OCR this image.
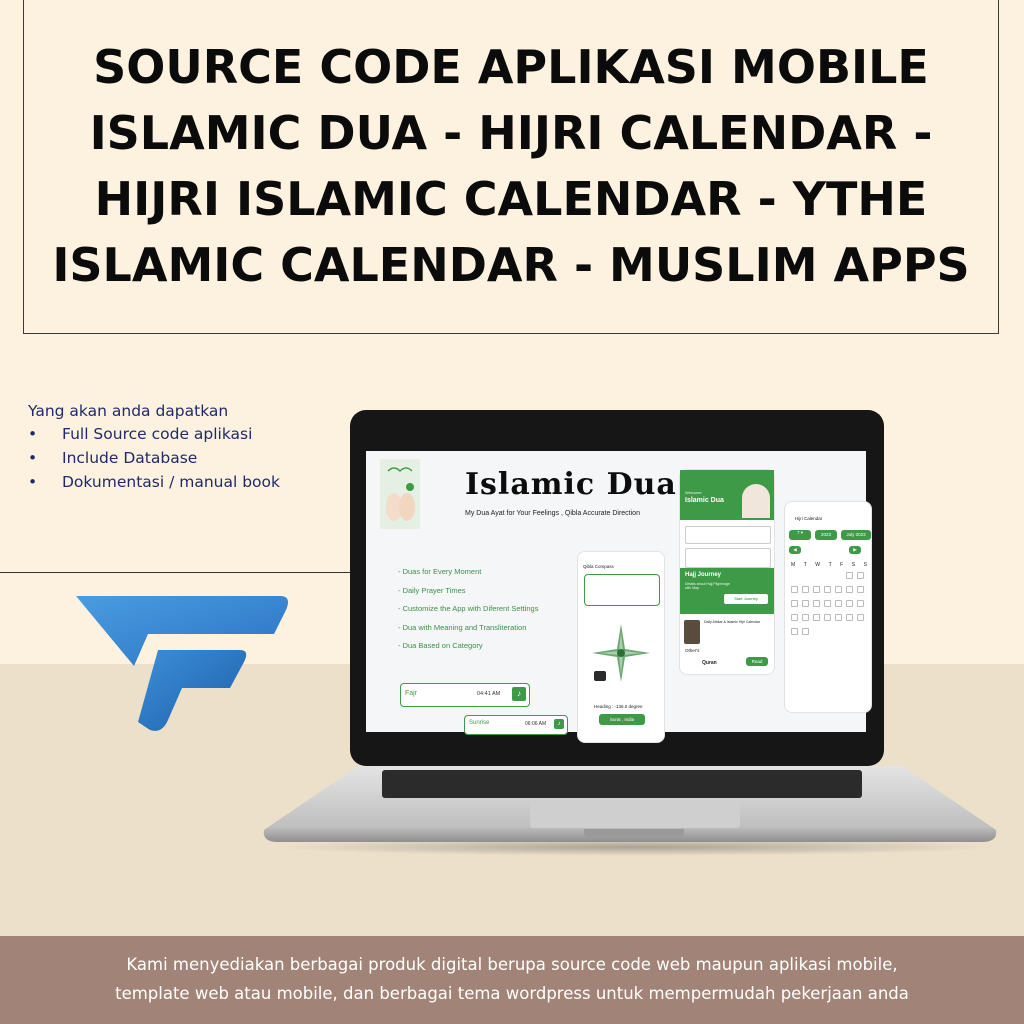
SOURCE CODE APLIKASI MOBILE ISLAMIC DUA - HIJRI CALENDAR - HIJRI ISLAMIC CALENDAR - YTHE ISLAMIC CALENDAR - MUSLIM APPS
Yang akan anda dapatkan
• Full Source code aplikasi
• Include Database
• Dokumentasi / manual book	Islamic Dua
My Dua Ayat for Your Feelings , Qibla Accurate Direction
- Duas for Every Moment
- Daily Prayer Times
- Customize the App with Diferent Settings
- Dua with Meaning and Transliteration
- Dua Based on Category
Fajr	04:41 AM	♪
Sunrise	06:06 AM	♪
Qibla Compass
Heading : -136.0 degree
Surat , India
Welcome
Islamic Dua
Hajj Journey
Details about Hajj Pilgrimage with Map
Start Journey
Daily Athkar & Islamic Hijri Calendar
Other's
Quran	Read
Hijri Calendar
7 ▾	2023	July 2023
◀	▶
M T W T F S S

Kami menyediakan berbagai produk digital berupa source code web maupun aplikasi mobile,

template web atau mobile, dan berbagai tema wordpress untuk mempermudah pekerjaan anda
